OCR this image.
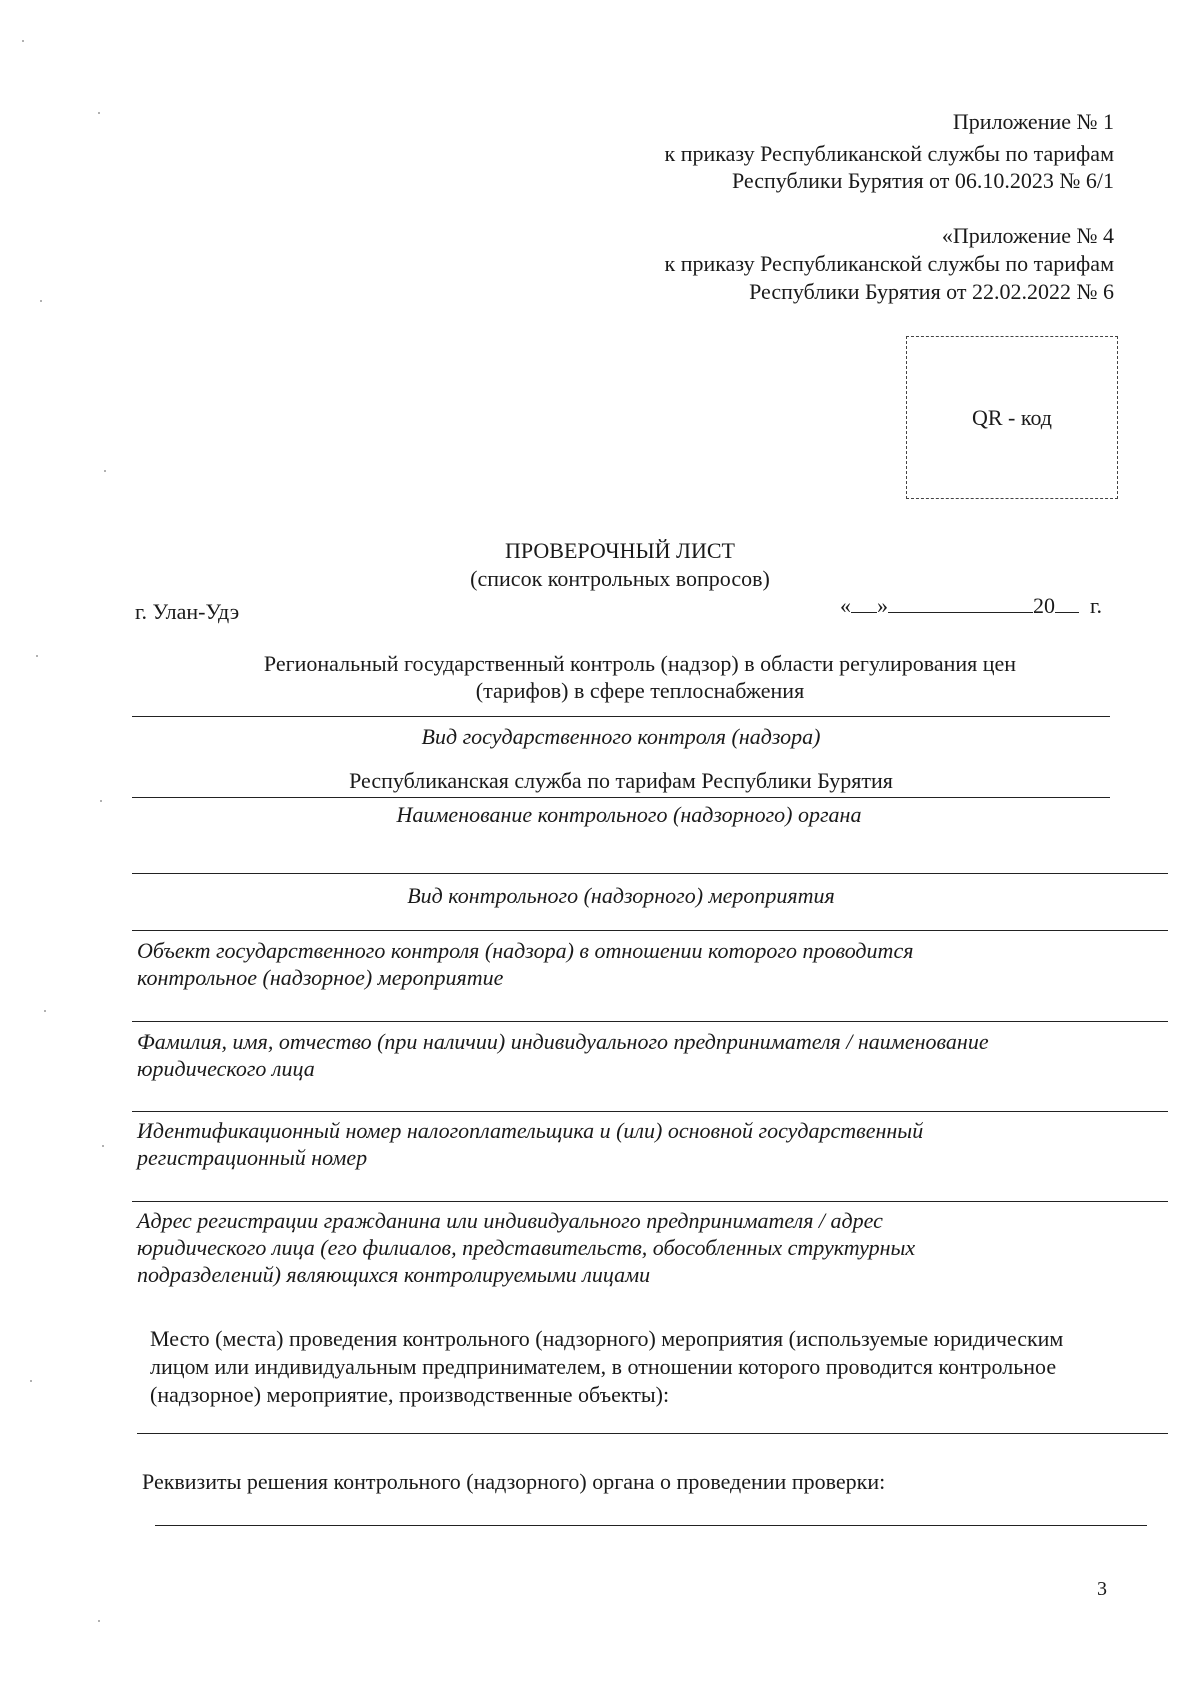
Приложение № 1
к приказу Республиканской службы по тарифам
Республики Бурятия от 06.10.2023 № 6/1
«Приложение № 4
к приказу Республиканской службы по тарифам
Республики Бурятия от 22.02.2022 № 6
QR - код
ПРОВЕРОЧНЫЙ ЛИСТ
(список контрольных вопросов)
г. Улан-Удэ	« »	20 г.
Региональный государственный контроль (надзор) в области регулирования цен
(тарифов) в сфере теплоснабжения
Вид государственного контроля (надзора)
Республиканская служба по тарифам Республики Бурятия
Наименование контрольного (надзорного) органа
Вид контрольного (надзорного) мероприятия
Объект государственного контроля (надзора) в отношении которого проводится
контрольное (надзорное) мероприятие
Фамилия, имя, отчество (при наличии) индивидуального предпринимателя / наименование
юридического лица
Идентификационный номер налогоплательщика и (или) основной государственный
регистрационный номер
Адрес регистрации гражданина или индивидуального предпринимателя / адрес
юридического лица (его филиалов, представительств, обособленных структурных
подразделений) являющихся контролируемыми лицами
Место (места) проведения контрольного (надзорного) мероприятия (используемые юридическим
лицом или индивидуальным предпринимателем, в отношении которого проводится контрольное
(надзорное) мероприятие, производственные объекты):
Реквизиты решения контрольного (надзорного) органа о проведении проверки:
3
